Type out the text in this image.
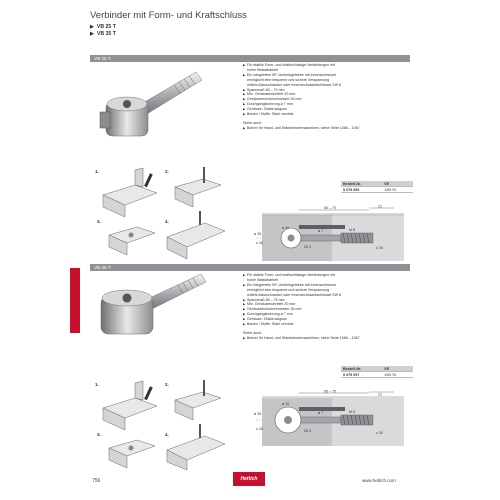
Verbinder mit Form- und Kraftschluss
▶ VB 25 T
▶ VB 35 T
VB 25 T
▶ Für stabile Form- und kraftschlüssige Verbindungen mit
hoher Belastbarkeit
▶ Ein integriertes 90°-Umlenkgetriebe mit Innensechskant
ermöglicht eine bequeme und sichere Verspannung
mittels Akkuschrauber oder Innensechskantschlüssel SW 6
▶ Spannmaß 60 – 70 mm
▶ Min. Gehäusebohrtiefe 20 mm
▶ Gehäusebohrdurchmesser 25 mm
▶ Durchgangsbohrung ø 7 mm
▶ Gehäuse: Zinkdruckguss
▶ Bolzen / Muffe: Stahl verzinkt
Siehe auch:
▶ Bohrer für Hand- und Ständerbohrmaschinen, siehe Seite 1066 – 1067
Bestell-Nr.	VE
9 079 656	1/50 St.
60 – 70	21
ø 25
ø 10
ø 7	M 8
20,3
≥ 30
≥ 30
1.	2.
3.	4.
VB 35 T
▶ Für stabile Form- und kraftschlüssige Verbindungen mit
hoher Belastbarkeit
▶ Ein integriertes 90°-Umlenkgetriebe mit Innensechskant
ermöglicht eine bequeme und sichere Verspannung
mittels Akkuschrauber oder Innensechskantschlüssel SW 6
▶ Spannmaß 65 – 75 mm
▶ Min. Gehäusebohrtiefe 20 mm
▶ Gehäusebohrdurchmesser 35 mm
▶ Durchgangsbohrung ø 7 mm
▶ Gehäuse: Zinkdruckguss
▶ Bolzen / Muffe: Stahl verzinkt
Siehe auch:
▶ Bohrer für Hand- und Ständerbohrmaschinen, siehe Seite 1066 – 1067
Bestell-Nr.	VE
9 079 657	1/50 St.
65 – 75
21
ø 35
ø 10
ø 7	M 8
20,3
≥ 35
≥ 30
1.	2.
3.	4.
756	Hettich	www.hettich.com
